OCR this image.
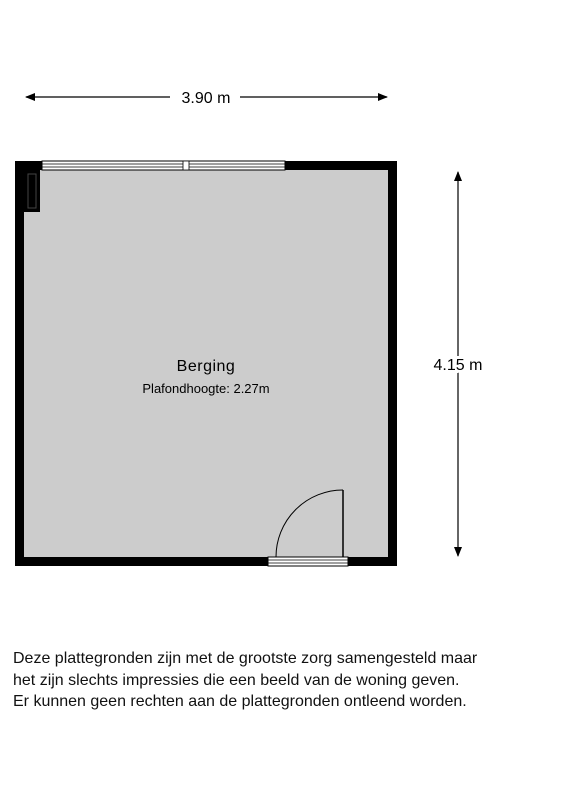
3.90 m
4.15 m
Berging
Plafondhoogte: 2.27m
Deze plattegronden zijn met de grootste zorg samengesteld maar
het zijn slechts impressies die een beeld van de woning geven.
Er kunnen geen rechten aan de plattegronden ontleend worden.
